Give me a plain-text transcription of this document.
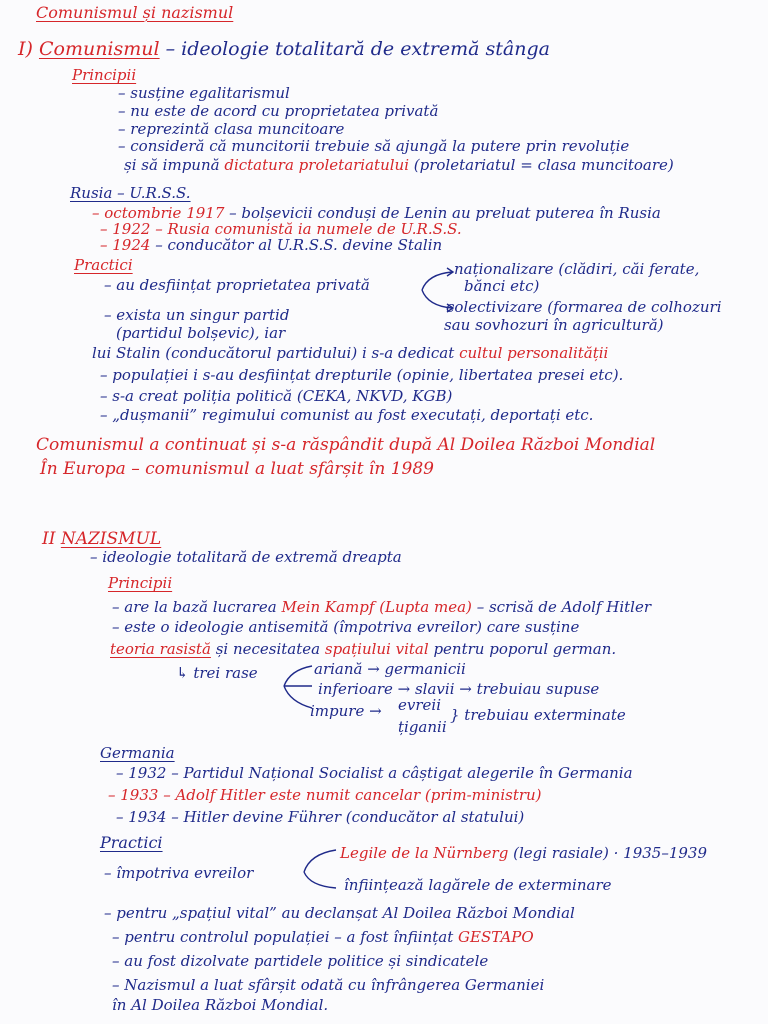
Comunismul și nazismul
I) Comunismul – ideologie totalitară de extremă stânga
Principii
– susține egalitarismul
– nu este de acord cu proprietatea privată
– reprezintă clasa muncitoare
– consideră că muncitorii trebuie să ajungă la putere prin revoluție
și să impună dictatura proletariatului (proletariatul = clasa muncitoare)
Rusia – U.R.S.S.
– octombrie 1917 – bolșevicii conduși de Lenin au preluat puterea în Rusia
– 1922 – Rusia comunistă ia numele de U.R.S.S.
– 1924 – conducător al U.R.S.S. devine Stalin
Practici
– au desființat proprietatea privată
naționalizare (clădiri, căi ferate,
bănci etc)
colectivizare (formarea de colhozuri
sau sovhozuri în agricultură)
– exista un singur partid
(partidul bolșevic), iar
lui Stalin (conducătorul partidului) i s-a dedicat cultul personalității
– populației i s-au desființat drepturile (opinie, libertatea presei etc).
– s-a creat poliția politică (CEKA, NKVD, KGB)
– „dușmanii” regimului comunist au fost executați, deportați etc.
Comunismul a continuat și s-a răspândit după Al Doilea Război Mondial
În Europa – comunismul a luat sfârșit în 1989
II NAZISMUL
– ideologie totalitară de extremă dreapta
Principii
– are la bază lucrarea Mein Kampf (Lupta mea) – scrisă de Adolf Hitler
– este o ideologie antisemită (împotriva evreilor) care susține
teoria rasistă și necesitatea spațiului vital pentru poporul german.
↳ trei rase	ariană → germanicii
inferioare → slavii → trebuiau supuse
impure → evreii
țiganii
} trebuiau exterminate
Germania
– 1932 – Partidul Național Socialist a câștigat alegerile în Germania
– 1933 – Adolf Hitler este numit cancelar (prim-ministru)
– 1934 – Hitler devine Führer (conducător al statului)
Practici
– împotriva evreilor
Legile de la Nürnberg (legi rasiale) · 1935–1939
înființează lagărele de exterminare
– pentru „spațiul vital” au declanșat Al Doilea Război Mondial
– pentru controlul populației – a fost înființat GESTAPO
– au fost dizolvate partidele politice și sindicatele
– Nazismul a luat sfârșit odată cu înfrângerea Germaniei
în Al Doilea Război Mondial.
